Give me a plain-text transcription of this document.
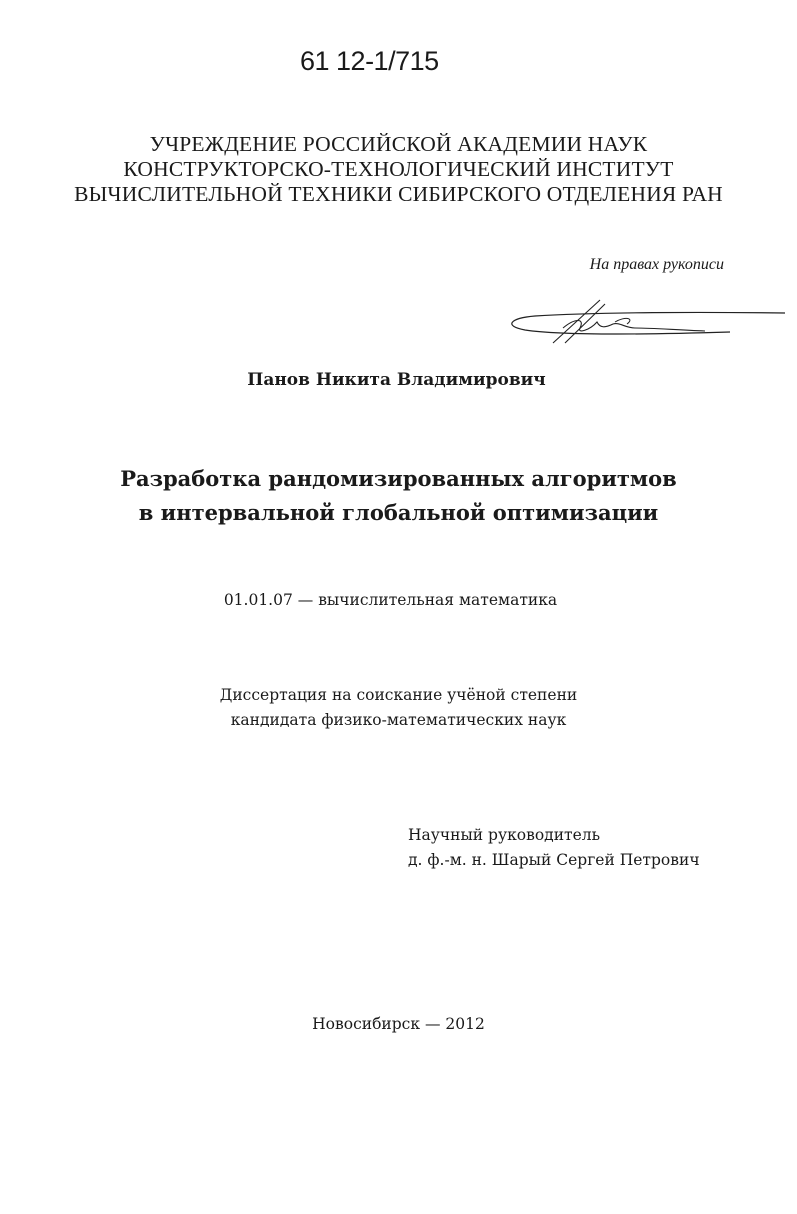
61 12-1/715
УЧРЕЖДЕНИЕ РОССИЙСКОЙ АКАДЕМИИ НАУК
КОНСТРУКТОРСКО-ТЕХНОЛОГИЧЕСКИЙ ИНСТИТУТ
ВЫЧИСЛИТЕЛЬНОЙ ТЕХНИКИ СИБИРСКОГО ОТДЕЛЕНИЯ РАН
На правах рукописи
Панов Никита Владимирович
Разработка рандомизированных алгоритмов
в интервальной глобальной оптимизации
01.01.07 — вычислительная математика
Диссертация на соискание учёной степени
кандидата физико-математических наук
Научный руководитель
д. ф.-м. н. Шарый Сергей Петрович
Новосибирск — 2012
